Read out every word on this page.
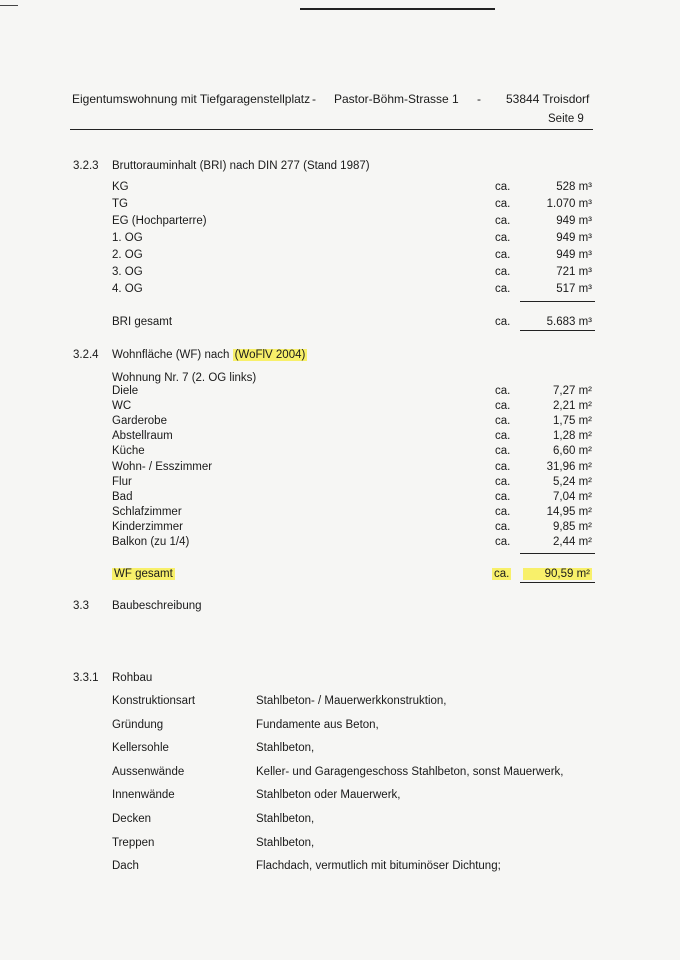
Eigentumswohnung mit Tiefgaragenstellplatz - Pastor-Böhm-Strasse 1 - 53844 Troisdorf
Seite 9
3.2.3 Bruttorauminhalt (BRI) nach DIN 277 (Stand 1987)
KG	ca.	528 m³
TG	ca.	1.070 m³
EG (Hochparterre)	ca.	949 m³
1. OG	ca.	949 m³
2. OG	ca.	949 m³
3. OG	ca.	721 m³
4. OG	ca.	517 m³
BRI gesamt	ca.	5.683 m³
3.2.4 Wohnfläche (WF) nach (WoFlV 2004)
Wohnung Nr. 7 (2. OG links)
Diele	ca.	7,27 m²
WC	ca.	2,21 m²
Garderobe	ca.	1,75 m²
Abstellraum	ca.	1,28 m²
Küche	ca.	6,60 m²
Wohn- / Esszimmer	ca.	31,96 m²
Flur	ca.	5,24 m²
Bad	ca.	7,04 m²
Schlafzimmer	ca.	14,95 m²
Kinderzimmer	ca.	9,85 m²
Balkon (zu 1/4)	ca.	2,44 m²
WF gesamt	ca.	90,59 m²
3.3 Baubeschreibung
3.3.1 Rohbau
Konstruktionsart	Stahlbeton- / Mauerwerkkonstruktion,
Gründung	Fundamente aus Beton,
Kellersohle	Stahlbeton,
Aussenwände	Keller- und Garagengeschoss Stahlbeton, sonst Mauerwerk,
Innenwände	Stahlbeton oder Mauerwerk,
Decken	Stahlbeton,
Treppen	Stahlbeton,
Dach	Flachdach, vermutlich mit bituminöser Dichtung;
